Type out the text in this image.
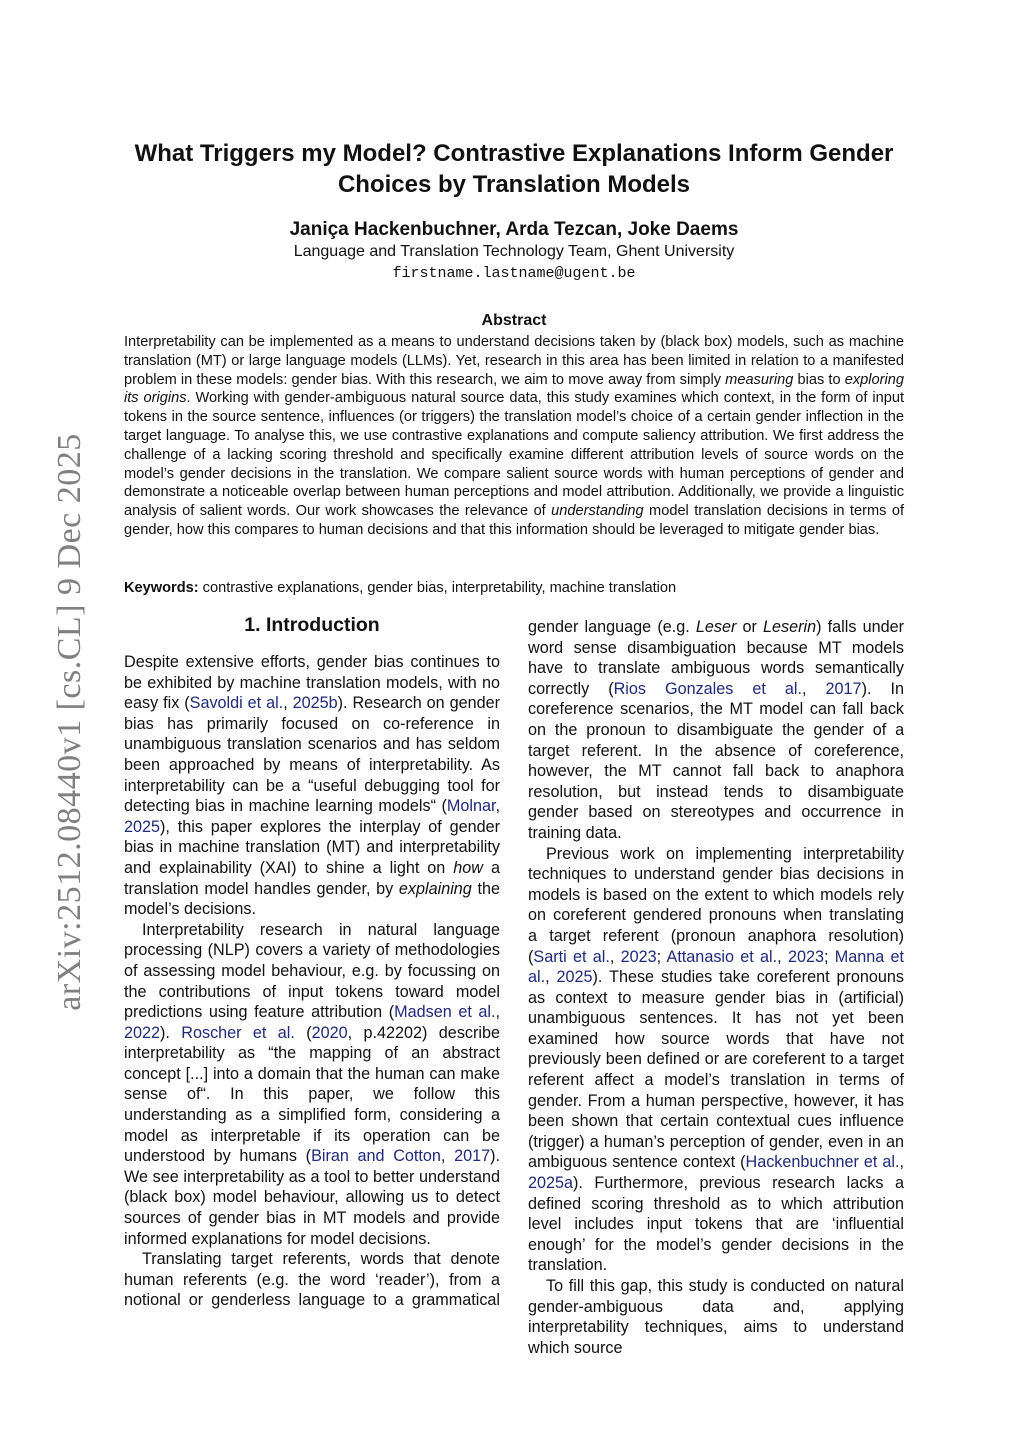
arXiv:2512.08440v1 [cs.CL] 9 Dec 2025
What Triggers my Model? Contrastive Explanations Inform Gender
Choices by Translation Models
Janiça Hackenbuchner, Arda Tezcan, Joke Daems
Language and Translation Technology Team, Ghent University
firstname.lastname@ugent.be
Abstract

Interpretability can be implemented as a means to understand decisions taken by (black box) models, such as machine translation (MT) or large language models (LLMs). Yet, research in this area has been limited in relation to a manifested problem in these models: gender bias. With this research, we aim to move away from simply measuring bias to exploring its origins. Working with gender-ambiguous natural source data, this study examines which context, in the form of input tokens in the source sentence, influences (or triggers) the translation model’s choice of a certain gender inflection in the target language. To analyse this, we use contrastive explanations and compute saliency attribution. We first address the challenge of a lacking scoring threshold and specifically examine different attribution levels of source words on the model’s gender decisions in the translation. We compare salient source words with human perceptions of gender and demonstrate a noticeable overlap between human perceptions and model attribution. Additionally, we provide a linguistic analysis of salient words. Our work showcases the relevance of understanding model translation decisions in terms of gender, how this compares to human decisions and that this information should be leveraged to mitigate gender bias.

Keywords: contrastive explanations, gender bias, interpretability, machine translation
1. Introduction

Despite extensive efforts, gender bias continues to be exhibited by machine translation models, with no easy fix (Savoldi et al., 2025b). Research on gender bias has primarily focused on co-reference in unambiguous translation scenarios and has seldom been approached by means of interpretability. As interpretability can be a “useful debugging tool for detecting bias in machine learning models“ (Molnar, 2025), this paper explores the interplay of gender bias in machine translation (MT) and interpretability and explainability (XAI) to shine a light on how a translation model handles gender, by explaining the model’s decisions.

Interpretability research in natural language processing (NLP) covers a variety of methodologies of assessing model behaviour, e.g. by focussing on the contributions of input tokens toward model predictions using feature attribution (Madsen et al., 2022). Roscher et al. (2020, p.42202) describe interpretability as “the mapping of an abstract concept [...] into a domain that the human can make sense of“. In this paper, we follow this understanding as a simplified form, considering a model as interpretable if its operation can be understood by humans (Biran and Cotton, 2017). We see interpretability as a tool to better understand (black box) model behaviour, allowing us to detect sources of gender bias in MT models and provide informed explanations for model decisions.

Translating target referents, words that denote human referents (e.g. the word ‘reader’), from a notional or genderless language to a grammatical

gender language (e.g. Leser or Leserin) falls under word sense disambiguation because MT models have to translate ambiguous words semantically correctly (Rios Gonzales et al., 2017). In coreference scenarios, the MT model can fall back on the pronoun to disambiguate the gender of a target referent. In the absence of coreference, however, the MT cannot fall back to anaphora resolution, but instead tends to disambiguate gender based on stereotypes and occurrence in training data.

Previous work on implementing interpretability techniques to understand gender bias decisions in models is based on the extent to which models rely on coreferent gendered pronouns when translating a target referent (pronoun anaphora resolution) (Sarti et al., 2023; Attanasio et al., 2023; Manna et al., 2025). These studies take coreferent pronouns as context to measure gender bias in (artificial) unambiguous sentences. It has not yet been examined how source words that have not previously been defined or are coreferent to a target referent affect a model’s translation in terms of gender. From a human perspective, however, it has been shown that certain contextual cues influence (trigger) a human’s perception of gender, even in an ambiguous sentence context (Hackenbuchner et al., 2025a). Furthermore, previous research lacks a defined scoring threshold as to which attribution level includes input tokens that are ‘influential enough’ for the model’s gender decisions in the translation.

To fill this gap, this study is conducted on natural gender-ambiguous data and, applying interpretability techniques, aims to understand which source
